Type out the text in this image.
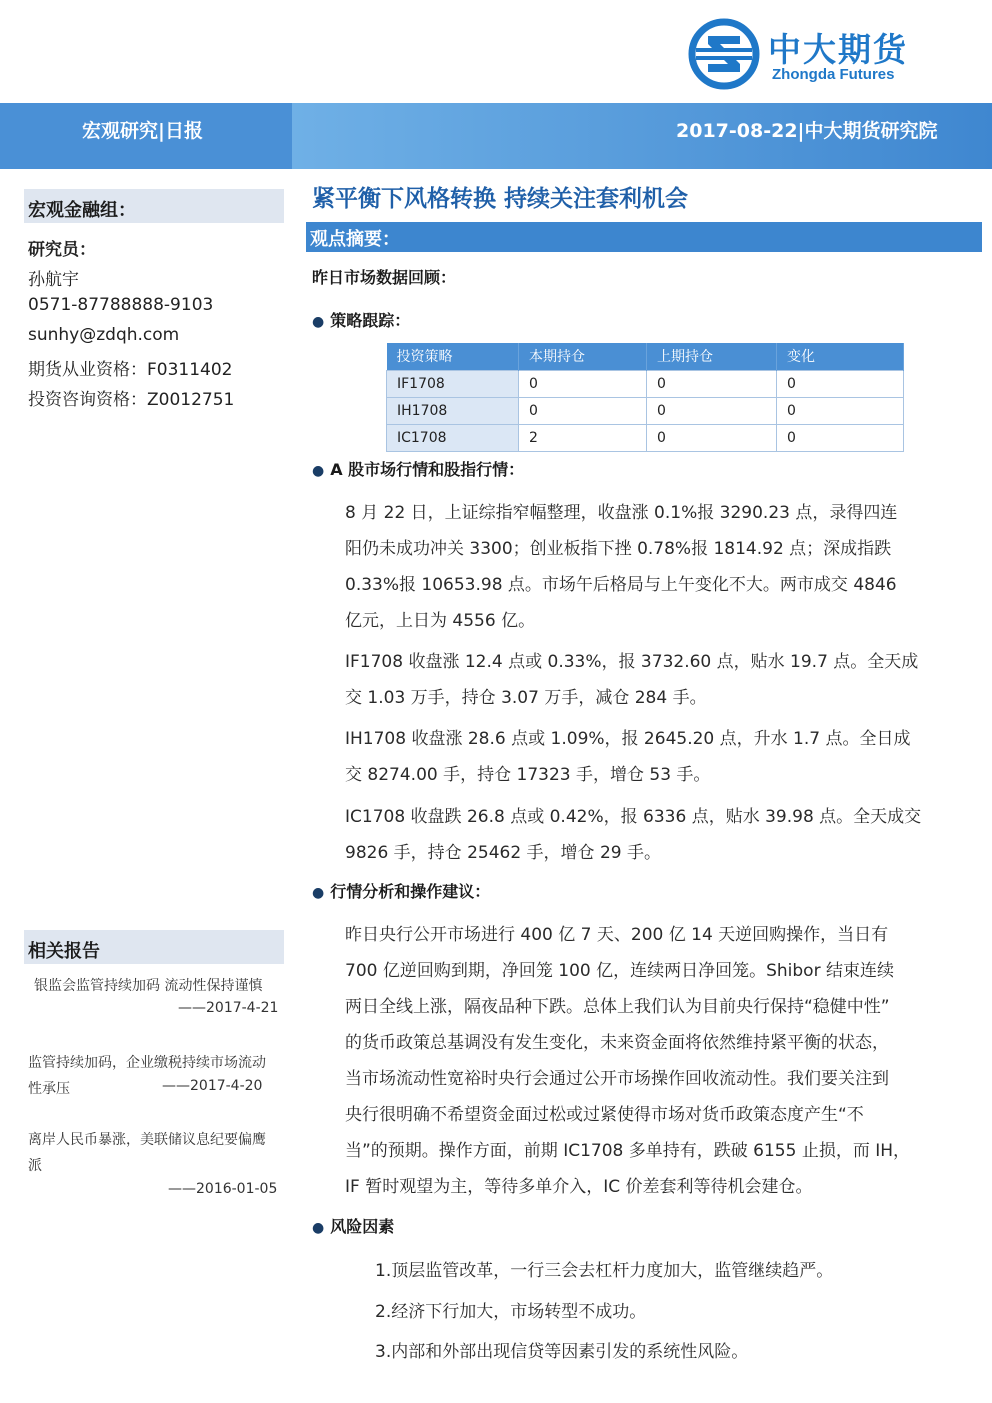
中大期货
Zhongda Futures
宏观研究|日报	2017-08-22|中大期货研究院
宏观金融组：
研究员：
孙航宇
0571-87788888-9103
sunhy@zdqh.com
期货从业资格：F0311402
投资咨询资格：Z0012751
相关报告
银监会监管持续加码 流动性保持谨慎
——2017-4-21
监管持续加码，企业缴税持续市场流动
性承压	——2017-4-20
离岸人民币暴涨，美联储议息纪要偏鹰
派
——2016-01-05
紧平衡下风格转换 持续关注套利机会
观点摘要：
昨日市场数据回顾：
● 策略跟踪：
投资策略	本期持仓	上期持仓	变化
IF1708	0	0	0
IH1708	0	0	0
IC1708	2	0	0
● A 股市场行情和股指行情：
8 月 22 日，上证综指窄幅整理，收盘涨 0.1%报 3290.23 点，录得四连
阳仍未成功冲关 3300；创业板指下挫 0.78%报 1814.92 点；深成指跌
0.33%报 10653.98 点。市场午后格局与上午变化不大。两市成交 4846
亿元，上日为 4556 亿。
IF1708 收盘涨 12.4 点或 0.33%，报 3732.60 点，贴水 19.7 点。全天成
交 1.03 万手，持仓 3.07 万手，减仓 284 手。
IH1708 收盘涨 28.6 点或 1.09%，报 2645.20 点，升水 1.7 点。全日成
交 8274.00 手，持仓 17323 手，增仓 53 手。
IC1708 收盘跌 26.8 点或 0.42%，报 6336 点，贴水 39.98 点。全天成交
9826 手，持仓 25462 手，增仓 29 手。
● 行情分析和操作建议：
昨日央行公开市场进行 400 亿 7 天、200 亿 14 天逆回购操作，当日有
700 亿逆回购到期，净回笼 100 亿，连续两日净回笼。Shibor 结束连续
两日全线上涨，隔夜品种下跌。总体上我们认为目前央行保持“稳健中性”
的货币政策总基调没有发生变化，未来资金面将依然维持紧平衡的状态，
当市场流动性宽裕时央行会通过公开市场操作回收流动性。我们要关注到
央行很明确不希望资金面过松或过紧使得市场对货币政策态度产生“不
当”的预期。操作方面，前期 IC1708 多单持有，跌破 6155 止损，而 IH，
IF 暂时观望为主，等待多单介入，IC 价差套利等待机会建仓。
● 风险因素
1.顶层监管改革，一行三会去杠杆力度加大，监管继续趋严。
2.经济下行加大，市场转型不成功。
3.内部和外部出现信贷等因素引发的系统性风险。
